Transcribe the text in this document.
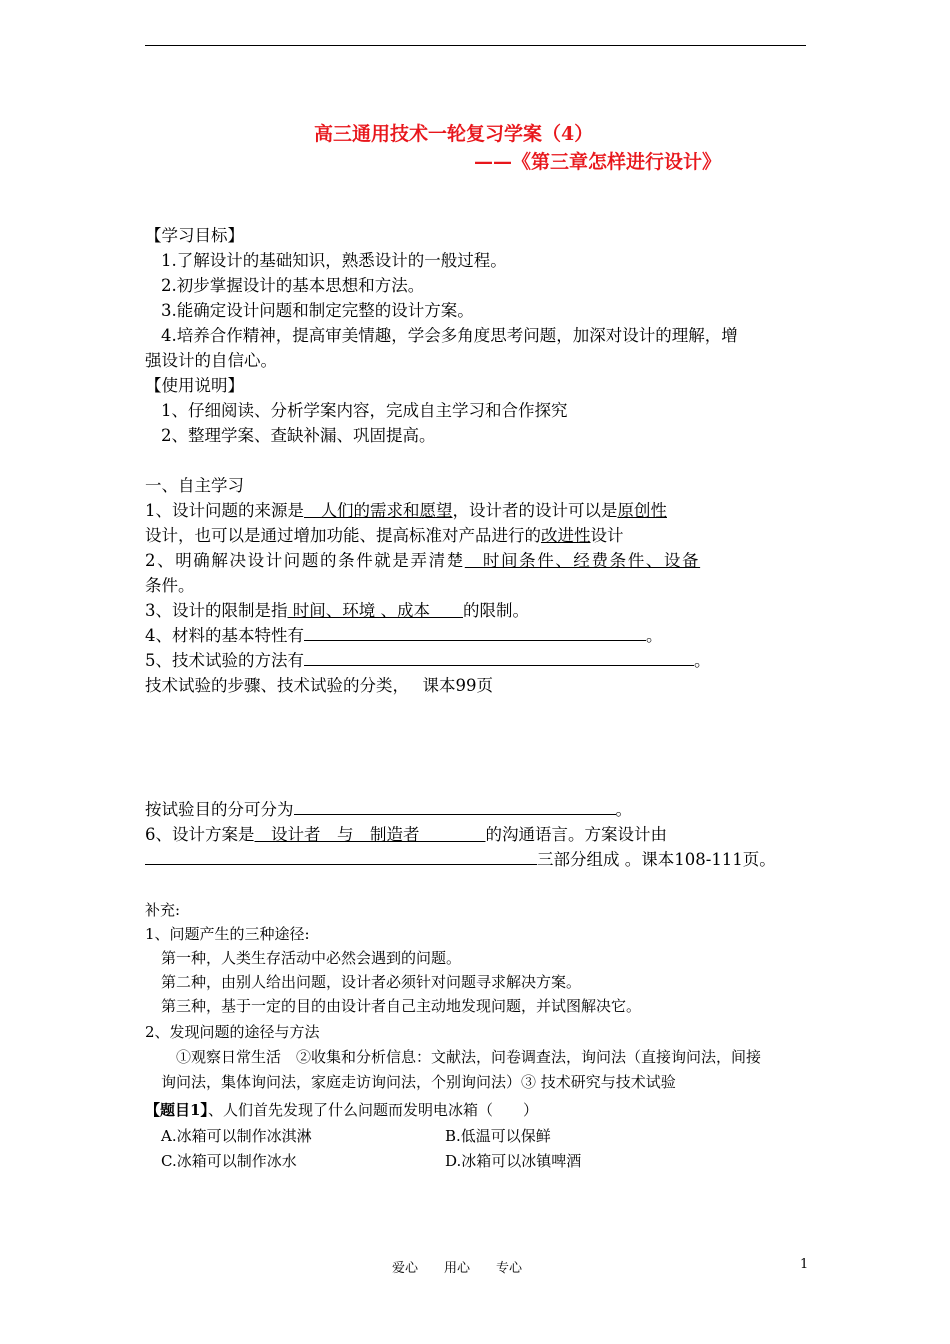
高三通用技术一轮复习学案（4）
——《第三章怎样进行设计》
【学习目标】
1.了解设计的基础知识，熟悉设计的一般过程。
2.初步掌握设计的基本思想和方法。
3.能确定设计问题和制定完整的设计方案。
4.培养合作精神，提高审美情趣，学会多角度思考问题，加深对设计的理解，增
强设计的自信心。
【使用说明】
1、仔细阅读、分析学案内容，完成自主学习和合作探究
2、整理学案、查缺补漏、巩固提高。
一、自主学习
1、设计问题的来源是　人们的需求和愿望，设计者的设计可以是原创性
设计，也可以是通过增加功能、提高标准对产品进行的改进性设计
2、明确解决设计问题的条件就是弄清楚　时间条件、经费条件、设备
条件。
3、设计的限制是指 时间、环境 、成本　　的限制。
4、材料的基本特性有	。
5、技术试验的方法有	。
技术试验的步骤、技术试验的分类，　 课本99页
按试验目的分可分为	。
6、设计方案是　设计者　与　制造者　　　　的沟通语言。方案设计由
三部分组成 。课本108-111页。
补充:
1、问题产生的三种途径:
第一种，人类生存活动中必然会遇到的问题。
第二种，由别人给出问题，设计者必须针对问题寻求解决方案。
第三种，基于一定的目的由设计者自己主动地发现问题，并试图解决它。
2、发现问题的途径与方法
　①观察日常生活　②收集和分析信息：文献法，问卷调查法，询问法（直接询问法，间接
询问法，集体询问法，家庭走访询问法，个别询问法）③ 技术研究与技术试验
【题目1】、人们首先发现了什么问题而发明电冰箱（　　）
A.冰箱可以制作冰淇淋	B.低温可以保鲜
C.冰箱可以制作冰水	D.冰箱可以冰镇啤酒
爱心　　用心　　专心	1
